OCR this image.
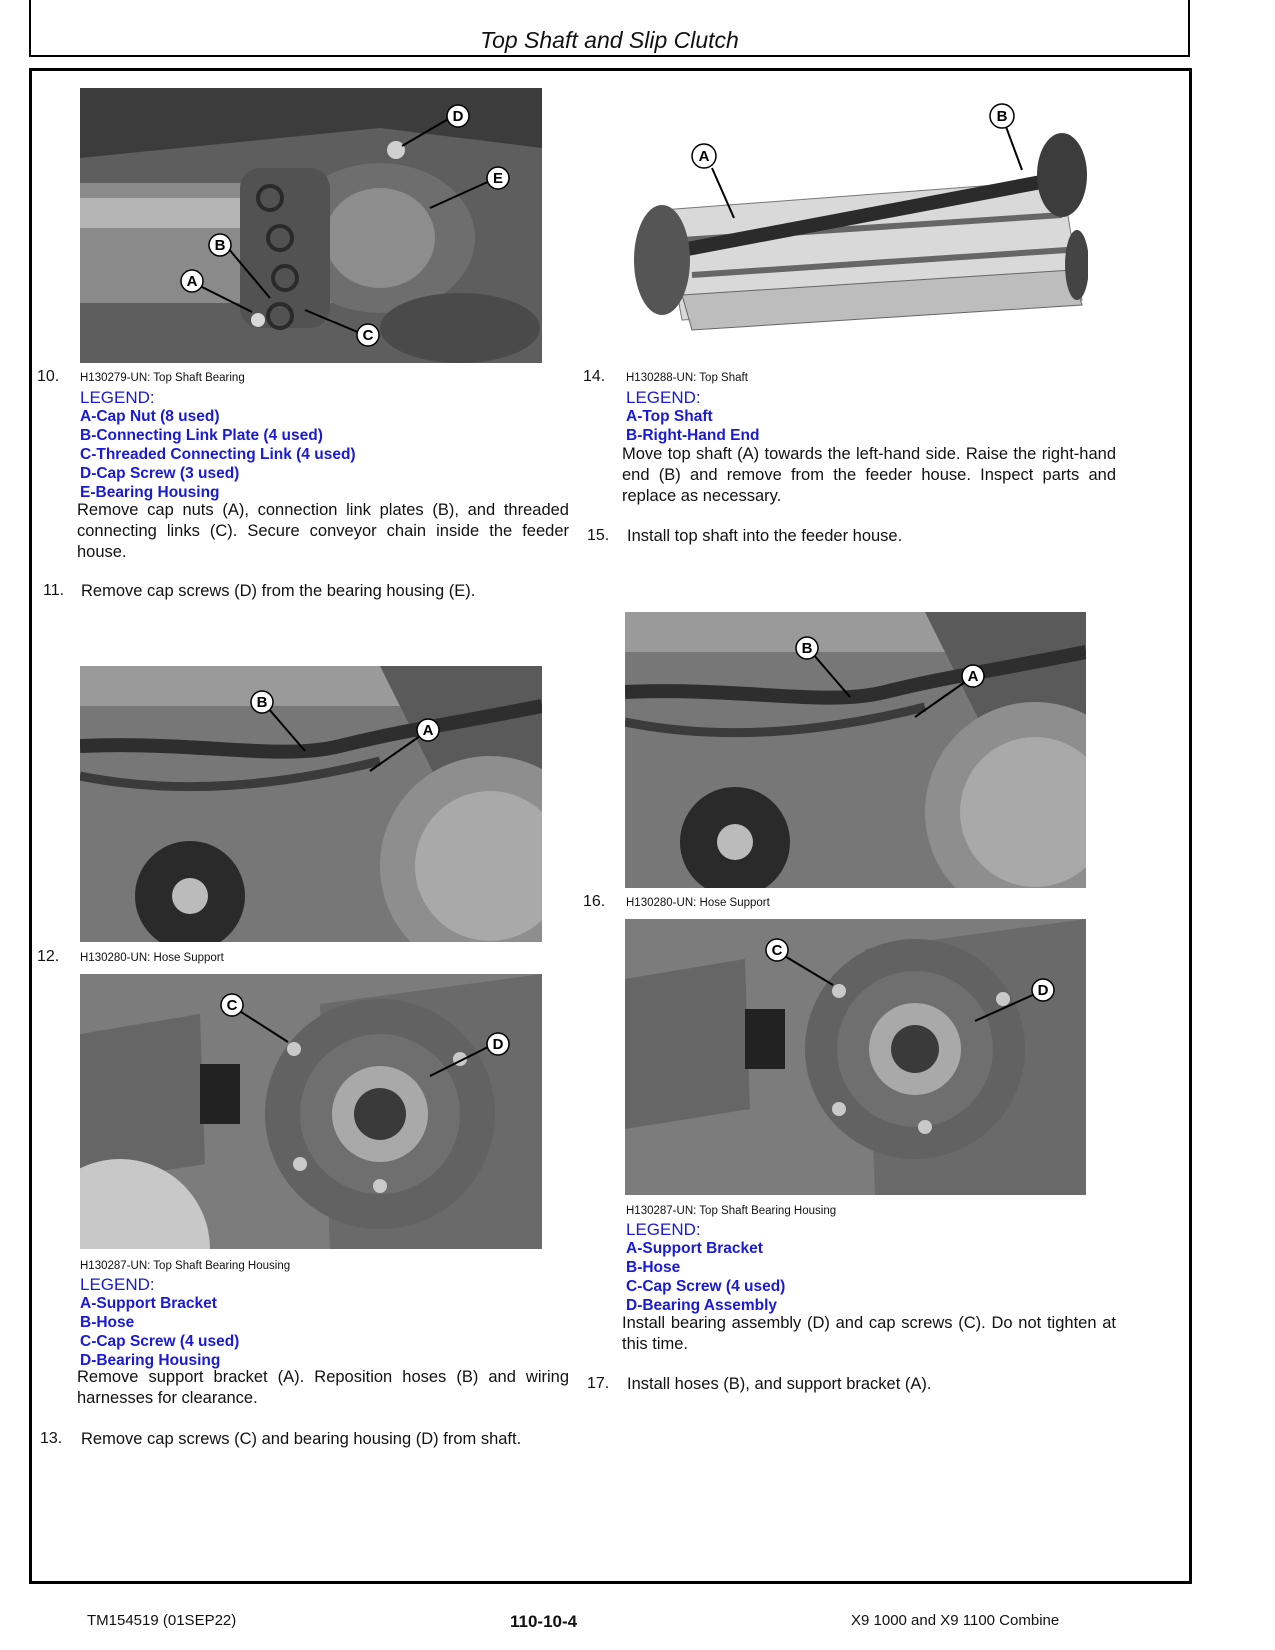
Top Shaft and Slip Clutch
D
E
B
A
C
10. H130279-UN: Top Shaft Bearing
LEGEND:
A-Cap Nut (8 used)
B-Connecting Link Plate (4 used)
C-Threaded Connecting Link (4 used)
D-Cap Screw (3 used)
E-Bearing Housing
Remove cap nuts (A), connection link plates (B), and threaded connecting links (C). Secure conveyor chain inside the feeder house.
11. Remove cap screws (D) from the bearing housing (E).
B
A
12. H130280-UN: Hose Support
C
D
H130287-UN: Top Shaft Bearing Housing
LEGEND:
A-Support Bracket
B-Hose
C-Cap Screw (4 used)
D-Bearing Housing
Remove support bracket (A). Reposition hoses (B) and wiring harnesses for clearance.
13. Remove cap screws (C) and bearing housing (D) from shaft.
A
B
14. H130288-UN: Top Shaft
LEGEND:
A-Top Shaft
B-Right-Hand End
Move top shaft (A) towards the left-hand side. Raise the right-hand end (B) and remove from the feeder house. Inspect parts and replace as necessary.
15. Install top shaft into the feeder house.
B
A
16. H130280-UN: Hose Support
C
D
H130287-UN: Top Shaft Bearing Housing
LEGEND:
A-Support Bracket
B-Hose
C-Cap Screw (4 used)
D-Bearing Assembly
Install bearing assembly (D) and cap screws (C). Do not tighten at this time.
17. Install hoses (B), and support bracket (A).
TM154519 (01SEP22)	110-10-4	X9 1000 and X9 1100 Combine
